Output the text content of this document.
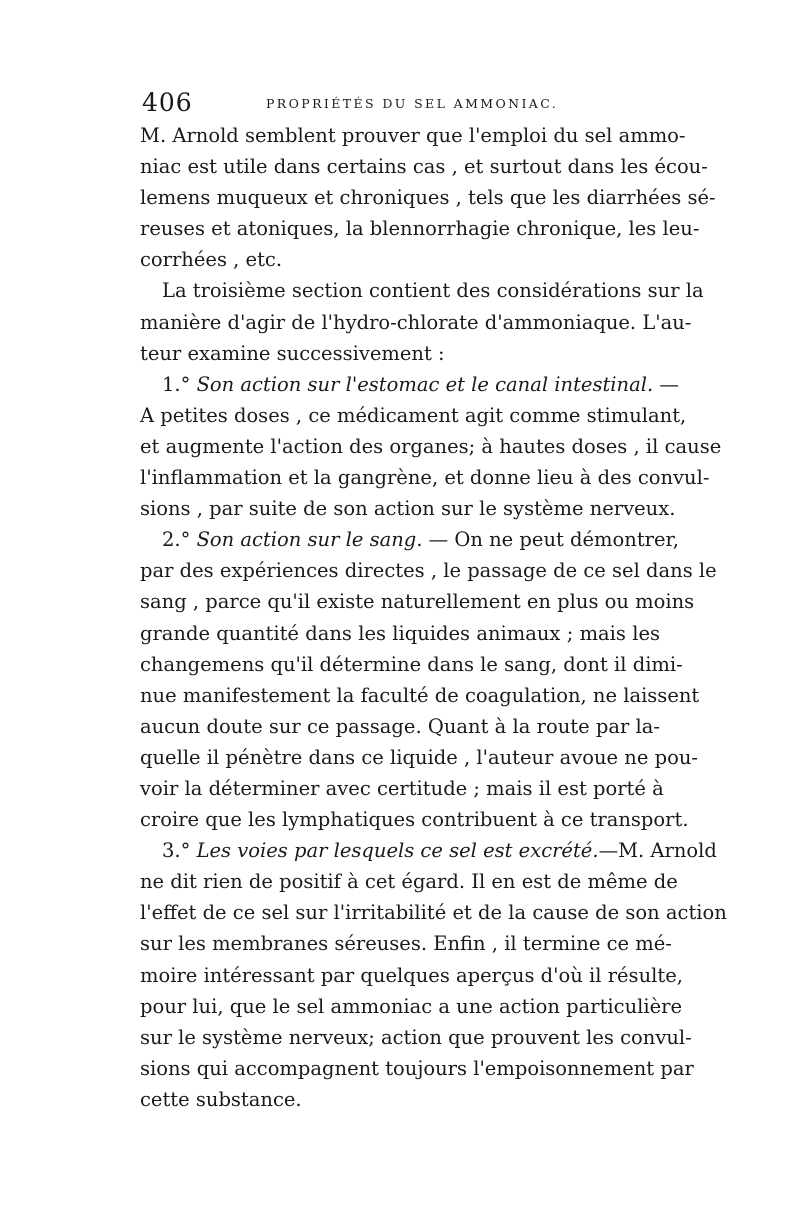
406	PROPRIÉTÉS DU SEL AMMONIAC.
M. Arnold semblent prouver que l'emploi du sel ammo-
niac est utile dans certains cas , et surtout dans les écou-
lemens muqueux et chroniques , tels que les diarrhées sé-
reuses et atoniques, la blennorrhagie chronique, les leu-
corrhées , etc.
La troisième section contient des considérations sur la
manière d'agir de l'hydro-chlorate d'ammoniaque. L'au-
teur examine successivement :
1.° Son action sur l'estomac et le canal intestinal. —
A petites doses , ce médicament agit comme stimulant,
et augmente l'action des organes; à hautes doses , il cause
l'inflammation et la gangrène, et donne lieu à des convul-
sions , par suite de son action sur le système nerveux.
2.° Son action sur le sang. — On ne peut démontrer,
par des expériences directes , le passage de ce sel dans le
sang , parce qu'il existe naturellement en plus ou moins
grande quantité dans les liquides animaux ; mais les
changemens qu'il détermine dans le sang, dont il dimi-
nue manifestement la faculté de coagulation, ne laissent
aucun doute sur ce passage. Quant à la route par la-
quelle il pénètre dans ce liquide , l'auteur avoue ne pou-
voir la déterminer avec certitude ; mais il est porté à
croire que les lymphatiques contribuent à ce transport.
3.° Les voies par lesquels ce sel est excrété.—M. Arnold
ne dit rien de positif à cet égard. Il en est de même de
l'effet de ce sel sur l'irritabilité et de la cause de son action
sur les membranes séreuses. Enfin , il termine ce mé-
moire intéressant par quelques aperçus d'où il résulte,
pour lui, que le sel ammoniac a une action particulière
sur le système nerveux; action que prouvent les convul-
sions qui accompagnent toujours l'empoisonnement par
cette substance.
